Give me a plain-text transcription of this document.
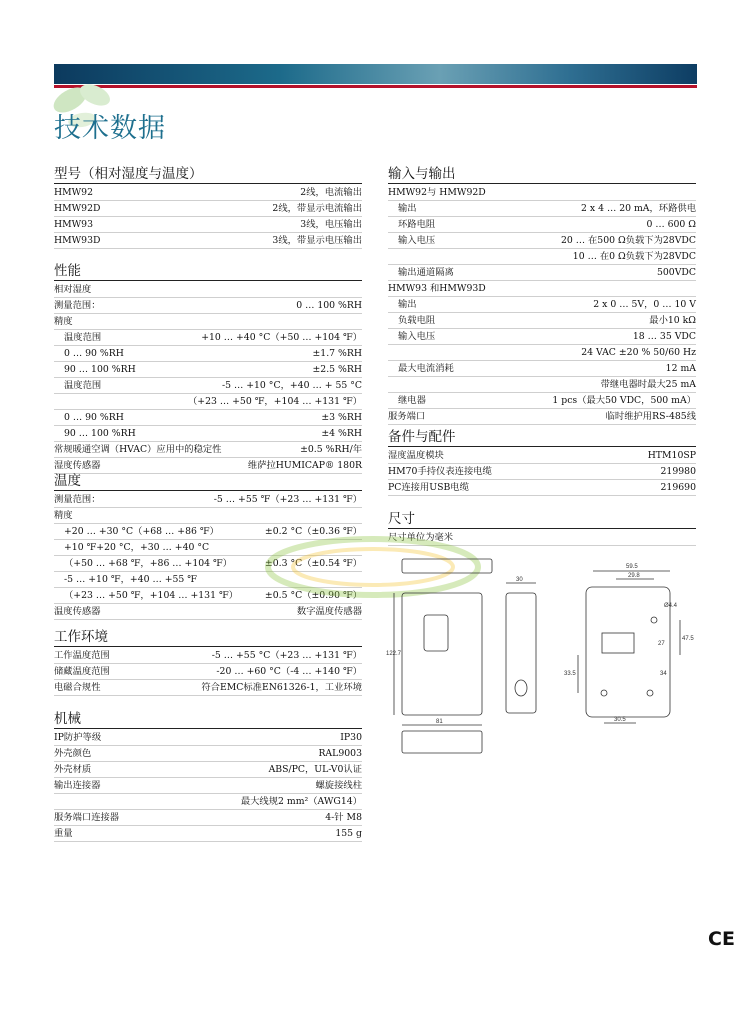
技术数据
型号（相对湿度与温度）
HMW92	2线，电流输出
HMW92D	2线，带显示电流输出
HMW93	3线，电压输出
HMW93D	3线，带显示电压输出
性能
相对湿度
测量范围：	0 … 100 %RH
精度
温度范围	+10 … +40 °C（+50 … +104 ℉）
0 … 90 %RH	±1.7 %RH
90 … 100 %RH	±2.5 %RH
温度范围	-5 … +10 °C，+40 … + 55 °C
（+23 … +50 ℉，+104 … +131 ℉）
0 … 90 %RH	±3 %RH
90 … 100 %RH	±4 %RH
常规暖通空调（HVAC）应用中的稳定性	±0.5 %RH/年
湿度传感器	维萨拉HUMICAP® 180R
温度
测量范围：	-5 … +55 ℉（+23 … +131 ℉）
精度
+20 … +30 °C（+68 … +86 ℉）	±0.2 °C（±0.36 ℉）
+10 ℉+20 °C，+30 … +40 °C
（+50 … +68 ℉，+86 … +104 ℉）	±0.3 °C（±0.54 ℉）
-5 … +10 ℉，+40 … +55 ℉
（+23 … +50 ℉，+104 … +131 ℉）	±0.5 °C（±0.90 ℉）
温度传感器	数字温度传感器
工作环境
工作温度范围	-5 … +55 °C（+23 … +131 ℉）
储藏温度范围	-20 … +60 °C（-4 … +140 ℉）
电磁合规性	符合EMC标准EN61326-1，工业环境
机械
IP防护等级	IP30
外壳颜色	RAL9003
外壳材质	ABS/PC，UL-V0认证
输出连接器	螺旋接线柱
最大线规2 mm²（AWG14）
服务端口连接器	4-针 M8
重量	155 g
输入与输出
HMW92与 HMW92D
输出	2 x 4 … 20 mA，环路供电
环路电阻	0 … 600 Ω
输入电压	20 … 在500 Ω负载下为28VDC
10 … 在0 Ω负载下为28VDC
输出通道隔离	500VDC
HMW93 和HMW93D
输出	2 x 0 … 5V，0 … 10 V
负载电阻	最小10 kΩ
输入电压	18 … 35 VDC
24 VAC ±20 % 50/60 Hz
最大电流消耗	12 mA
带继电器时最大25 mA
继电器	1 pcs（最大50 VDC，500 mA）
服务端口	临时维护用RS-485线
备件与配件
湿度温度模块	HTM10SP
HM70手持仪表连接电缆	219980
PC连接用USB电缆	219690
尺寸
尺寸单位为毫米
59.5
29.8
Ø4.4
47.5
27
33.5	34
30.5
30
81
122.7
CE
